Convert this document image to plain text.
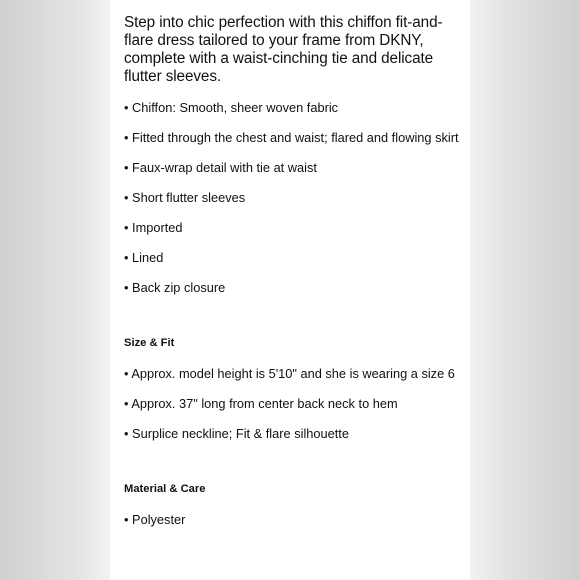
Step into chic perfection with this chiffon fit-and-flare dress tailored to your frame from DKNY, complete with a waist-cinching tie and delicate flutter sleeves.

• Chiffon: Smooth, sheer woven fabric
• Fitted through the chest and waist; flared and flowing skirt
• Faux-wrap detail with tie at waist
• Short flutter sleeves
• Imported
• Lined
• Back zip closure
Size & Fit
• Approx. model height is 5'10" and she is wearing a size 6
• Approx. 37" long from center back neck to hem
• Surplice neckline; Fit & flare silhouette
Material & Care
• Polyester
